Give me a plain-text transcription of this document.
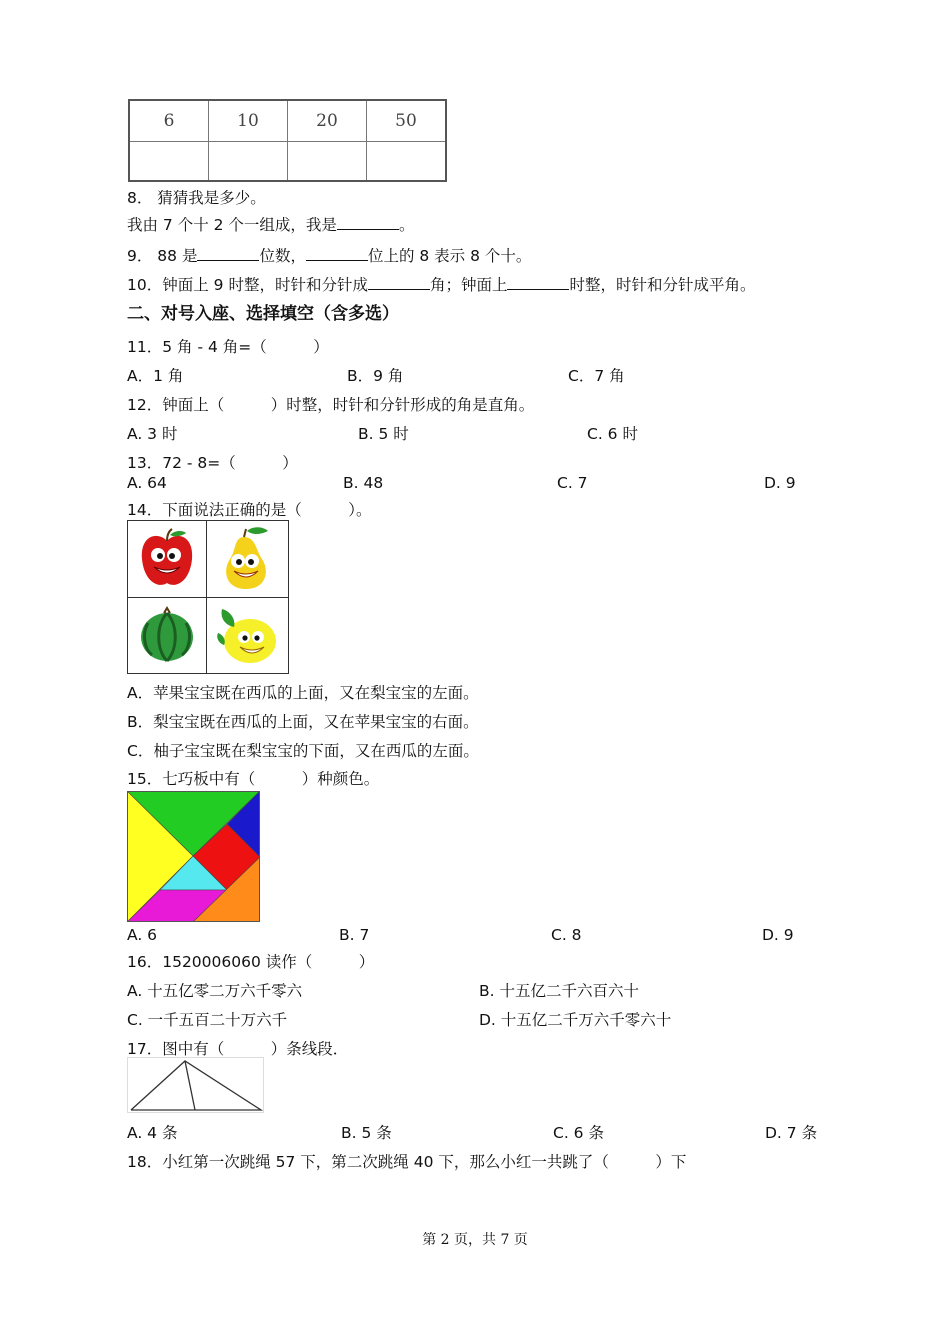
6	10	20	50

8． 猜猜我是多少。
我由 7 个十 2 个一组成，我是	。
9． 88 是	位数，	位上的 8 表示 8 个十。
10．钟面上 9 时整，时针和分针成	角；钟面上	时整，时针和分针成平角。
二、对号入座、选择填空（含多选）
11．5 角 - 4 角=（　　　）
A．1 角	B．9 角	C．7 角
12．钟面上（　　　）时整，时针和分针形成的角是直角。
A. 3 时	B. 5 时	C. 6 时
13．72 - 8=（　　　）
A. 64	B. 48	C. 7	D. 9
14．下面说法正确的是（　　　）。
A．苹果宝宝既在西瓜的上面，又在梨宝宝的左面。
B．梨宝宝既在西瓜的上面，又在苹果宝宝的右面。
C．柚子宝宝既在梨宝宝的下面，又在西瓜的左面。
15．七巧板中有（　　　）种颜色。
A. 6	B. 7	C. 8	D. 9
16．1520006060 读作（　　　）
A. 十五亿零二万六千零六	B. 十五亿二千六百六十
C. 一千五百二十万六千	D. 十五亿二千万六千零六十
17．图中有（　　　）条线段．
A. 4 条	B. 5 条	C. 6 条	D. 7 条
18．小红第一次跳绳 57 下，第二次跳绳 40 下，那么小红一共跳了（　　　）下
第 2 页，共 7 页
